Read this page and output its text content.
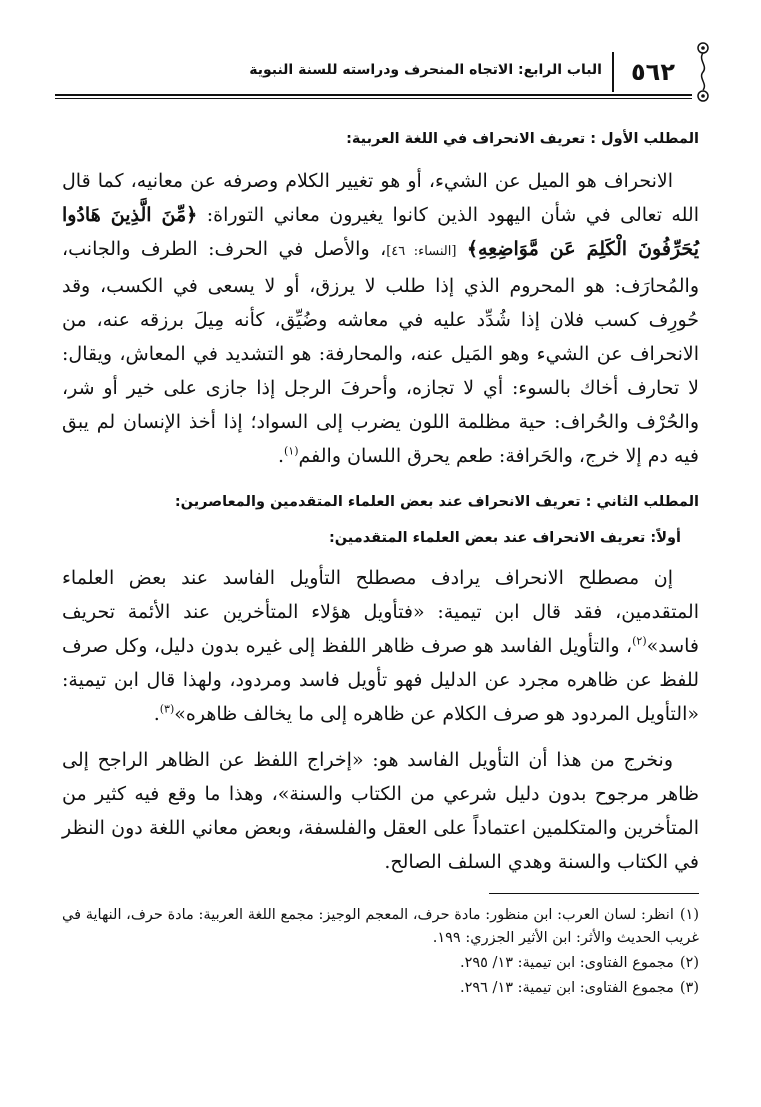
٥٦٢
الباب الرابع: الاتجاه المنحرف ودراسته للسنة النبوية
المطلب الأول : تعريف الانحراف في اللغة العربية:

الانحراف هو الميل عن الشيء، أو هو تغيير الكلام وصرفه عن معانيه، كما قال الله تعالى في شأن اليهود الذين كانوا يغيرون معاني التوراة: ﴿مِّنَ الَّذِينَ هَادُوا يُحَرِّفُونَ الْكَلِمَ عَن مَّوَاضِعِهِ﴾ [النساء: ٤٦]، والأصل في الحرف: الطرف والجانب، والمُحارَف: هو المحروم الذي إذا طلب لا يرزق، أو لا يسعى في الكسب، وقد حُورِف كسب فلان إذا شُدِّد عليه في معاشه وضُيِّق، كأنه مِيلَ برزقه عنه، من الانحراف عن الشيء وهو المَيل عنه، والمحارفة: هو التشديد في المعاش، ويقال: لا تحارف أخاك بالسوء: أي لا تجازه، وأحرفَ الرجل إذا جازى على خير أو شر، والحُرْف والحُراف: حية مظلمة اللون يضرب إلى السواد؛ إذا أخذ الإنسان لم يبق فيه دم إلا خرج، والحَرافة: طعم يحرق اللسان والفم$^{(١)}$.

المطلب الثاني : تعريف الانحراف عند بعض العلماء المتقدمين والمعاصرين:
أولاً: تعريف الانحراف عند بعض العلماء المتقدمين:

إن مصطلح الانحراف يرادف مصطلح التأويل الفاسد عند بعض العلماء المتقدمين، فقد قال ابن تيمية: «فتأويل هؤلاء المتأخرين عند الأئمة تحريف فاسد»$^{(٢)}$، والتأويل الفاسد هو صرف ظاهر اللفظ إلى غيره بدون دليل، وكل صرف للفظ عن ظاهره مجرد عن الدليل فهو تأويل فاسد ومردود، ولهذا قال ابن تيمية: «التأويل المردود هو صرف الكلام عن ظاهره إلى ما يخالف ظاهره»$^{(٣)}$.

ونخرج من هذا أن التأويل الفاسد هو: «إخراج اللفظ عن الظاهر الراجح إلى ظاهر مرجوح بدون دليل شرعي من الكتاب والسنة»، وهذا ما وقع فيه كثير من المتأخرين والمتكلمين اعتماداً على العقل والفلسفة، وبعض معاني اللغة دون النظر في الكتاب والسنة وهدي السلف الصالح.

(١)انظر: لسان العرب: ابن منظور: مادة حرف، المعجم الوجيز: مجمع اللغة العربية: مادة حرف، النهاية في غريب الحديث والأثر: ابن الأثير الجزري: ١٩٩.

(٢)مجموع الفتاوى: ابن تيمية: ١٣/ ٢٩٥.

(٣)مجموع الفتاوى: ابن تيمية: ١٣/ ٢٩٦.
